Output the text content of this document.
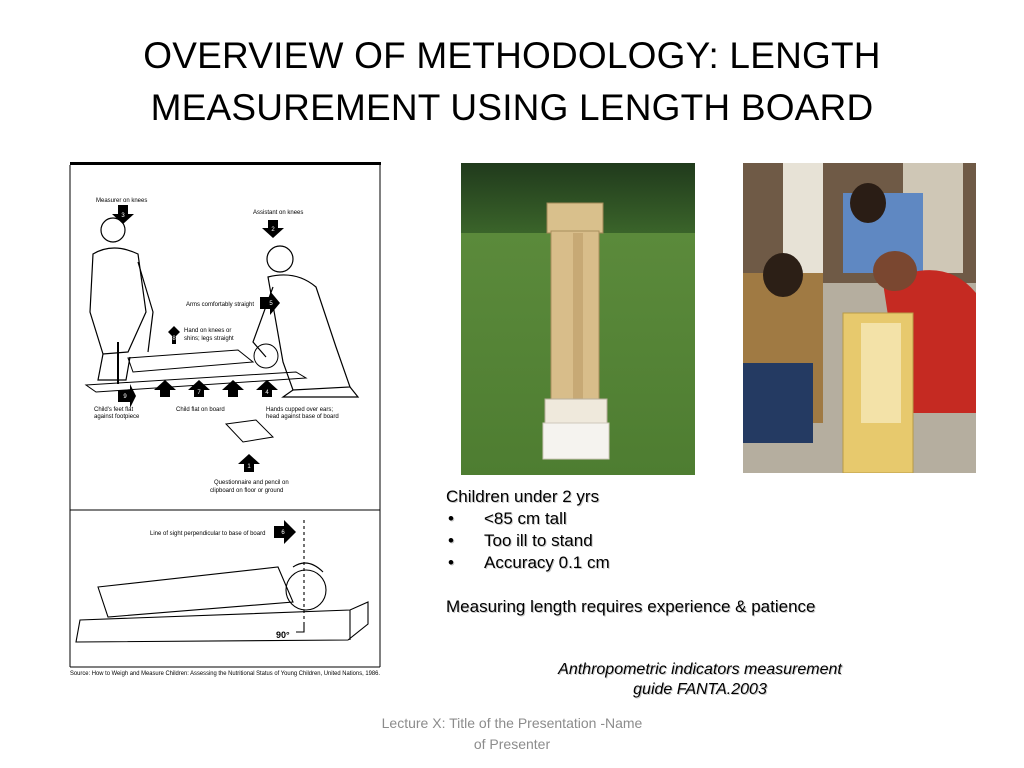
OVERVIEW OF METHODOLOGY: LENGTH
MEASUREMENT USING LENGTH BOARD
3
2
5
8
9
7	4
1
6
Measurer on knees
Assistant on knees
Arms comfortably straight
Hand on knees or
shins; legs straight
Child's feet flat
against footpiece
Child flat on board	Hands cupped over ears;
head against base of board
Questionnaire and pencil on
clipboard on floor or ground
Line of sight perpendicular to base of board
90°
Source: How to Weigh and Measure Children: Assessing the Nutritional Status of Young Children, United Nations, 1986.
Children under 2 yrs
• <85 cm tall
• Too ill to stand
• Accuracy 0.1 cm
Measuring length requires experience & patience
Anthropometric indicators measurement
guide FANTA.2003
Lecture X: Title of the Presentation -Name
of Presenter
